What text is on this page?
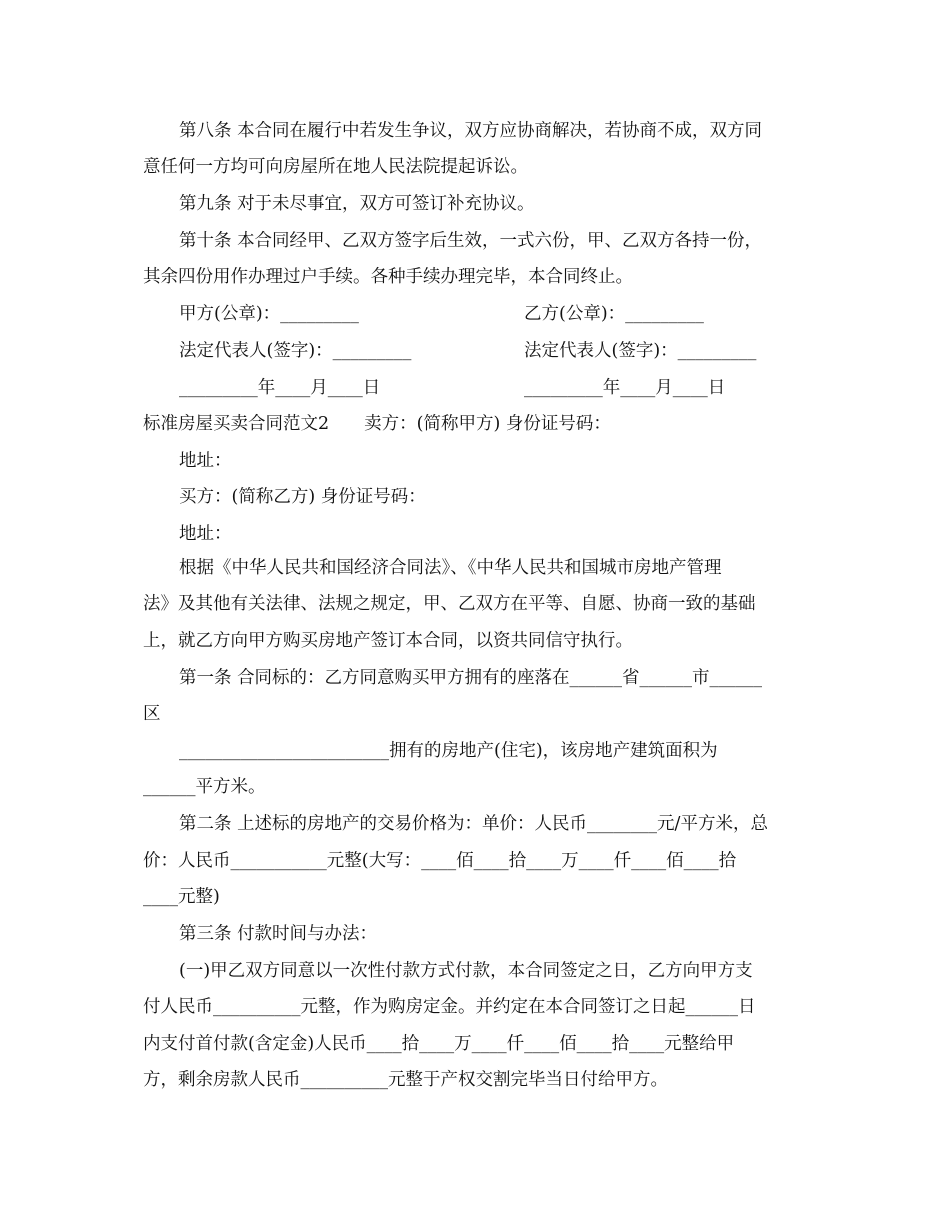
第八条 本合同在履行中若发生争议，双方应协商解决，若协商不成，双方同
意任何一方均可向房屋所在地人民法院提起诉讼。
第九条 对于未尽事宜，双方可签订补充协议。
第十条 本合同经甲、乙双方签字后生效，一式六份，甲、乙双方各持一份，
其余四份用作办理过户手续。各种手续办理完毕，本合同终止。
甲方(公章)：_________	乙方(公章)：_________
法定代表人(签字)：_________	法定代表人(签字)：_________
_________年____月____日	_________年____月____日
标准房屋买卖合同范文2　　卖方：(简称甲方) 身份证号码：
地址：
买方：(简称乙方) 身份证号码：
地址：
根据《中华人民共和国经济合同法》、《中华人民共和国城市房地产管理
法》及其他有关法律、法规之规定，甲、乙双方在平等、自愿、协商一致的基础
上，就乙方向甲方购买房地产签订本合同，以资共同信守执行。
第一条 合同标的：乙方同意购买甲方拥有的座落在______省______市______
区
________________________拥有的房地产(住宅)，该房地产建筑面积为
______平方米。
第二条 上述标的房地产的交易价格为：单价：人民币________元/平方米，总
价：人民币___________元整(大写：____佰____拾____万____仟____佰____拾
____元整)
第三条 付款时间与办法：
(一)甲乙双方同意以一次性付款方式付款，本合同签定之日，乙方向甲方支
付人民币__________元整，作为购房定金。并约定在本合同签订之日起______日
内支付首付款(含定金)人民币____拾____万____仟____佰____拾____元整给甲
方，剩余房款人民币__________元整于产权交割完毕当日付给甲方。
